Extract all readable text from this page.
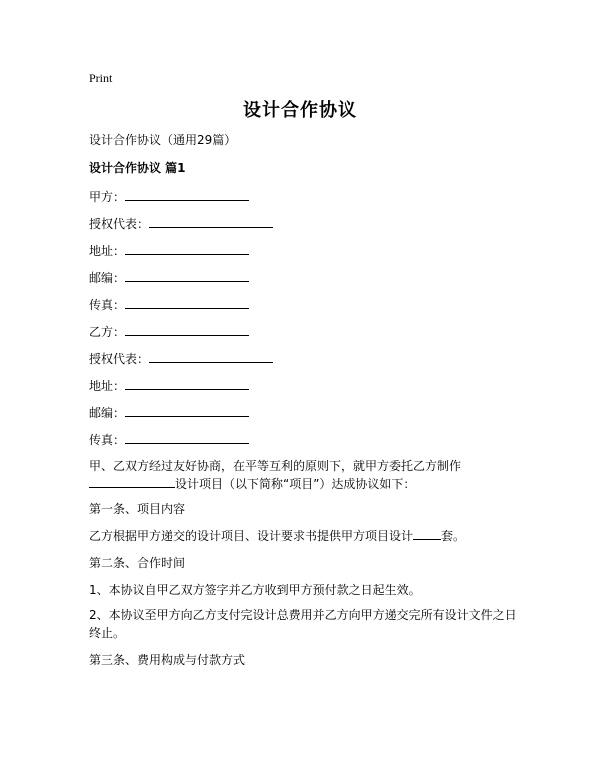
Print
设计合作协议
设计合作协议（通用29篇）
设计合作协议 篇1
甲方：
授权代表：
地址：
邮编：
传真：
乙方：
授权代表：
地址：
邮编：
传真：
甲、乙双方经过友好协商，在平等互利的原则下，就甲方委托乙方制作
设计项目（以下简称“项目”）达成协议如下：
第一条、项目内容
乙方根据甲方递交的设计项目、设计要求书提供甲方项目设计 套。
第二条、合作时间
1、本协议自甲乙双方签字并乙方收到甲方预付款之日起生效。
2、本协议至甲方向乙方支付完设计总费用并乙方向甲方递交完所有设计文件之日
终止。
第三条、费用构成与付款方式
